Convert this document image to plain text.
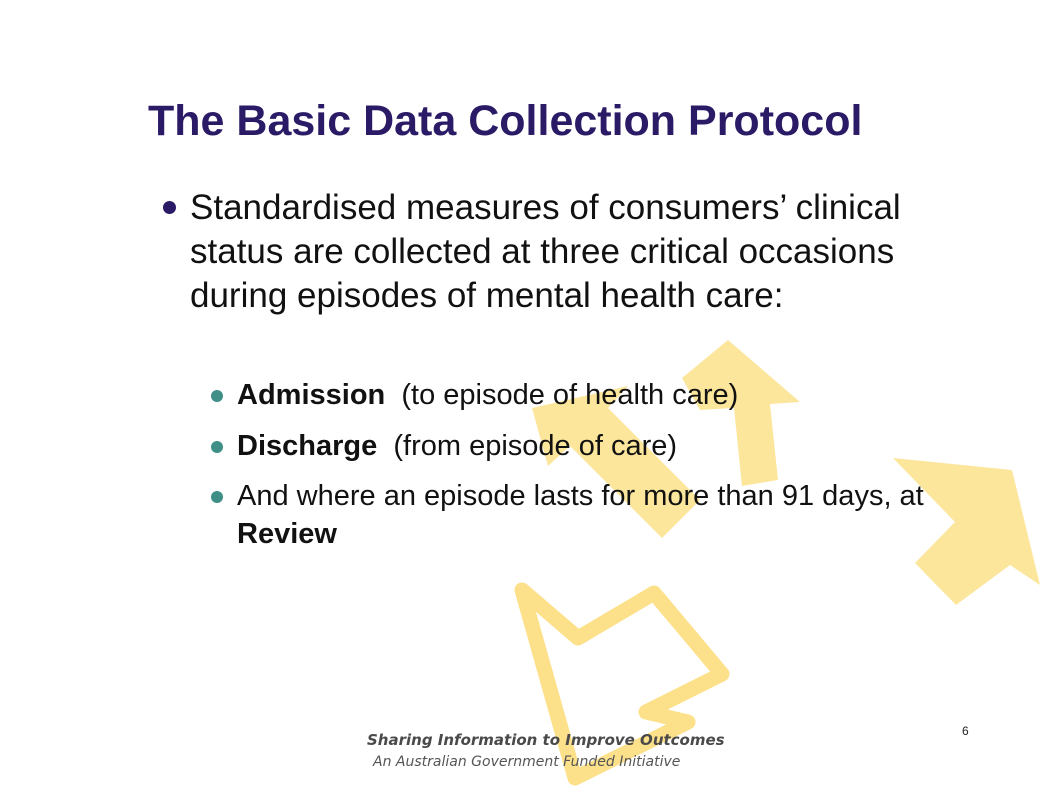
The Basic Data Collection Protocol
Standardised measures of consumers’ clinical status are collected at three critical occasions during episodes of mental health care:
Admission  (to episode of health care)
Discharge  (from episode of care)
And where an episode lasts for more than 91 days, at Review
6
Sharing Information to Improve Outcomes
An Australian Government Funded Initiative
